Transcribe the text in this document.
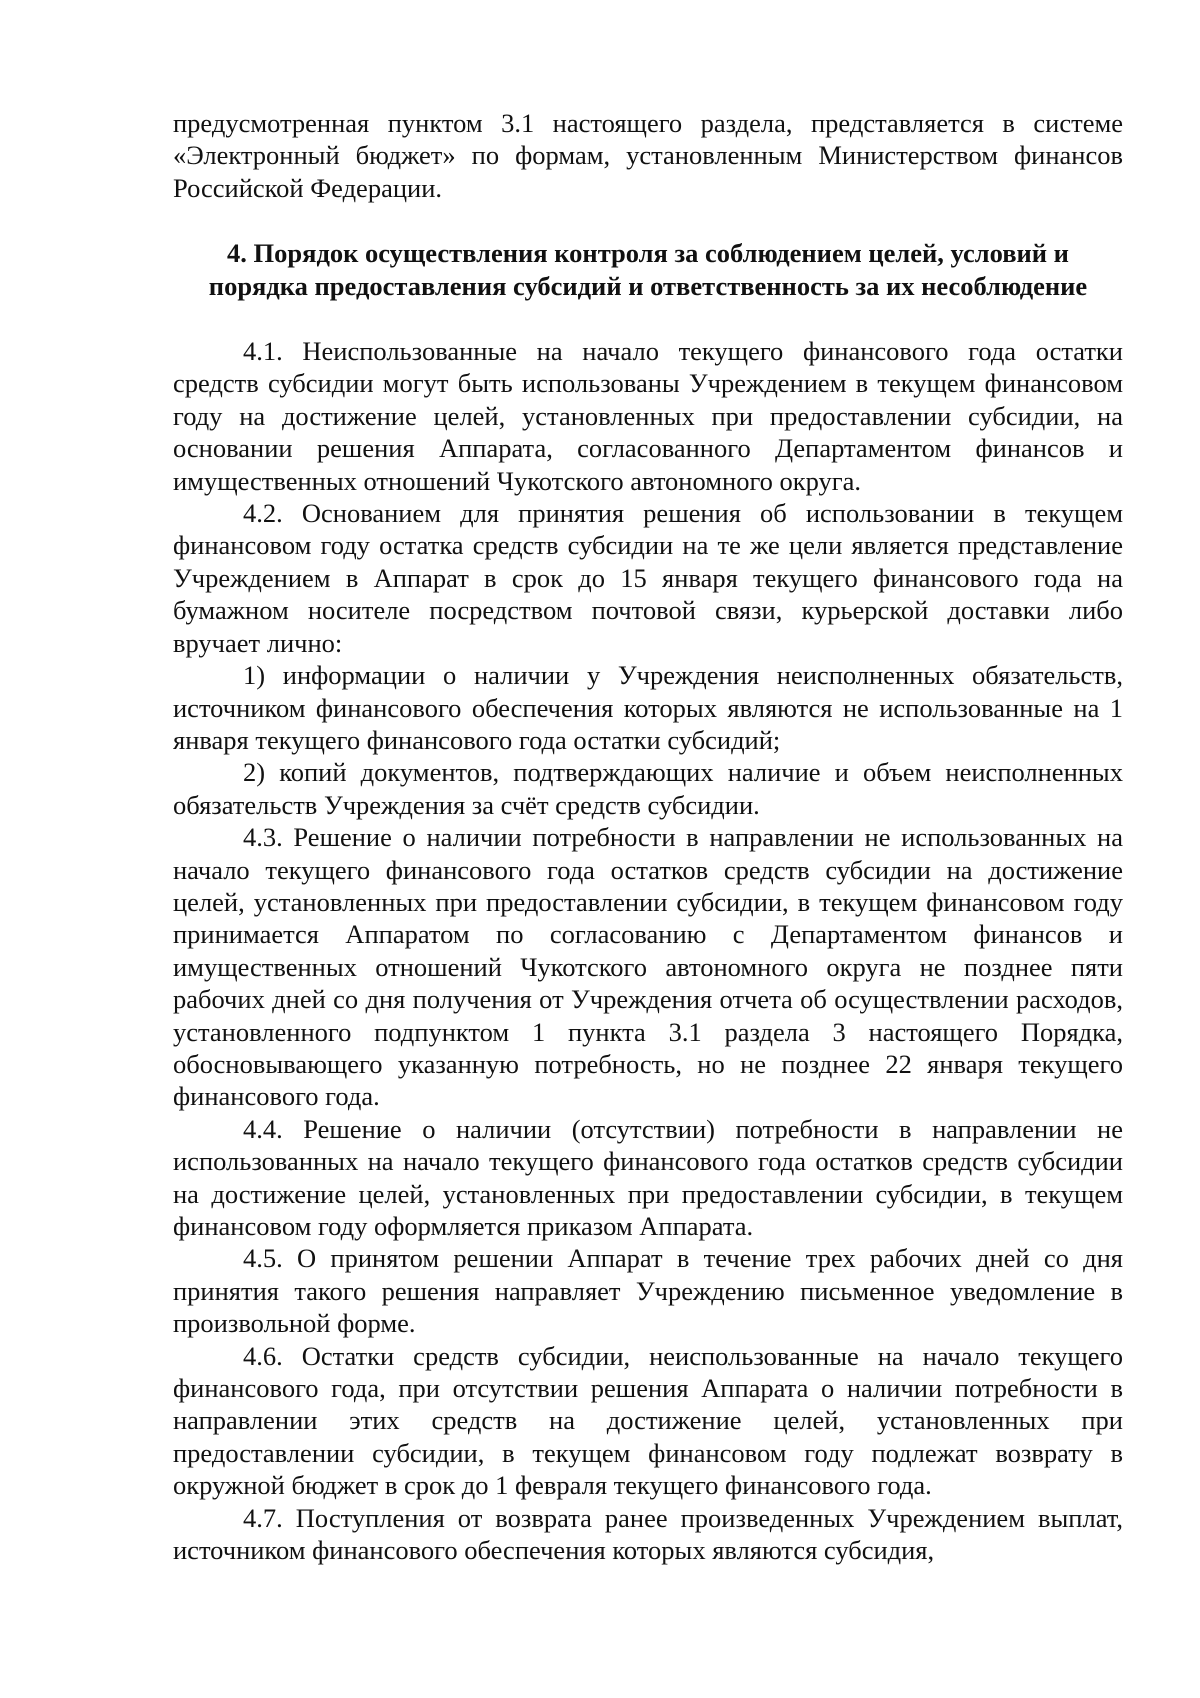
предусмотренная пунктом 3.1 настоящего раздела, представляется в системе «Электронный бюджет» по формам, установленным Министерством финансов Российской Федерации.

4. Порядок осуществления контроля за соблюдением целей, условий и
порядка предоставления субсидий и ответственность за их несоблюдение

4.1. Неиспользованные на начало текущего финансового года остатки средств субсидии могут быть использованы Учреждением в текущем финансовом году на достижение целей, установленных при предоставлении субсидии, на основании решения Аппарата, согласованного Департаментом финансов и имущественных отношений Чукотского автономного округа.

4.2. Основанием для принятия решения об использовании в текущем финансовом году остатка средств субсидии на те же цели является представление Учреждением в Аппарат в срок до 15 января текущего финансового года на бумажном носителе посредством почтовой связи, курьерской доставки либо вручает лично:

1) информации о наличии у Учреждения неисполненных обязательств, источником финансового обеспечения которых являются не использованные на 1 января текущего финансового года остатки субсидий;

2) копий документов, подтверждающих наличие и объем неисполненных обязательств Учреждения за счёт средств субсидии.

4.3. Решение о наличии потребности в направлении не использованных на начало текущего финансового года остатков средств субсидии на достижение целей, установленных при предоставлении субсидии, в текущем финансовом году принимается Аппаратом по согласованию с Департаментом финансов и имущественных отношений Чукотского автономного округа не позднее пяти рабочих дней со дня получения от Учреждения отчета об осуществлении расходов, установленного подпунктом 1 пункта 3.1 раздела 3 настоящего Порядка, обосновывающего указанную потребность, но не позднее 22 января текущего финансового года.

4.4. Решение о наличии (отсутствии) потребности в направлении не использованных на начало текущего финансового года остатков средств субсидии на достижение целей, установленных при предоставлении субсидии, в текущем финансовом году оформляется приказом Аппарата.

4.5. О принятом решении Аппарат в течение трех рабочих дней со дня принятия такого решения направляет Учреждению письменное уведомление в произвольной форме.

4.6. Остатки средств субсидии, неиспользованные на начало текущего финансового года, при отсутствии решения Аппарата о наличии потребности в направлении этих средств на достижение целей, установленных при предоставлении субсидии, в текущем финансовом году подлежат возврату в окружной бюджет в срок до 1 февраля текущего финансового года.

4.7. Поступления от возврата ранее произведенных Учреждением выплат, источником финансового обеспечения которых являются субсидия,
